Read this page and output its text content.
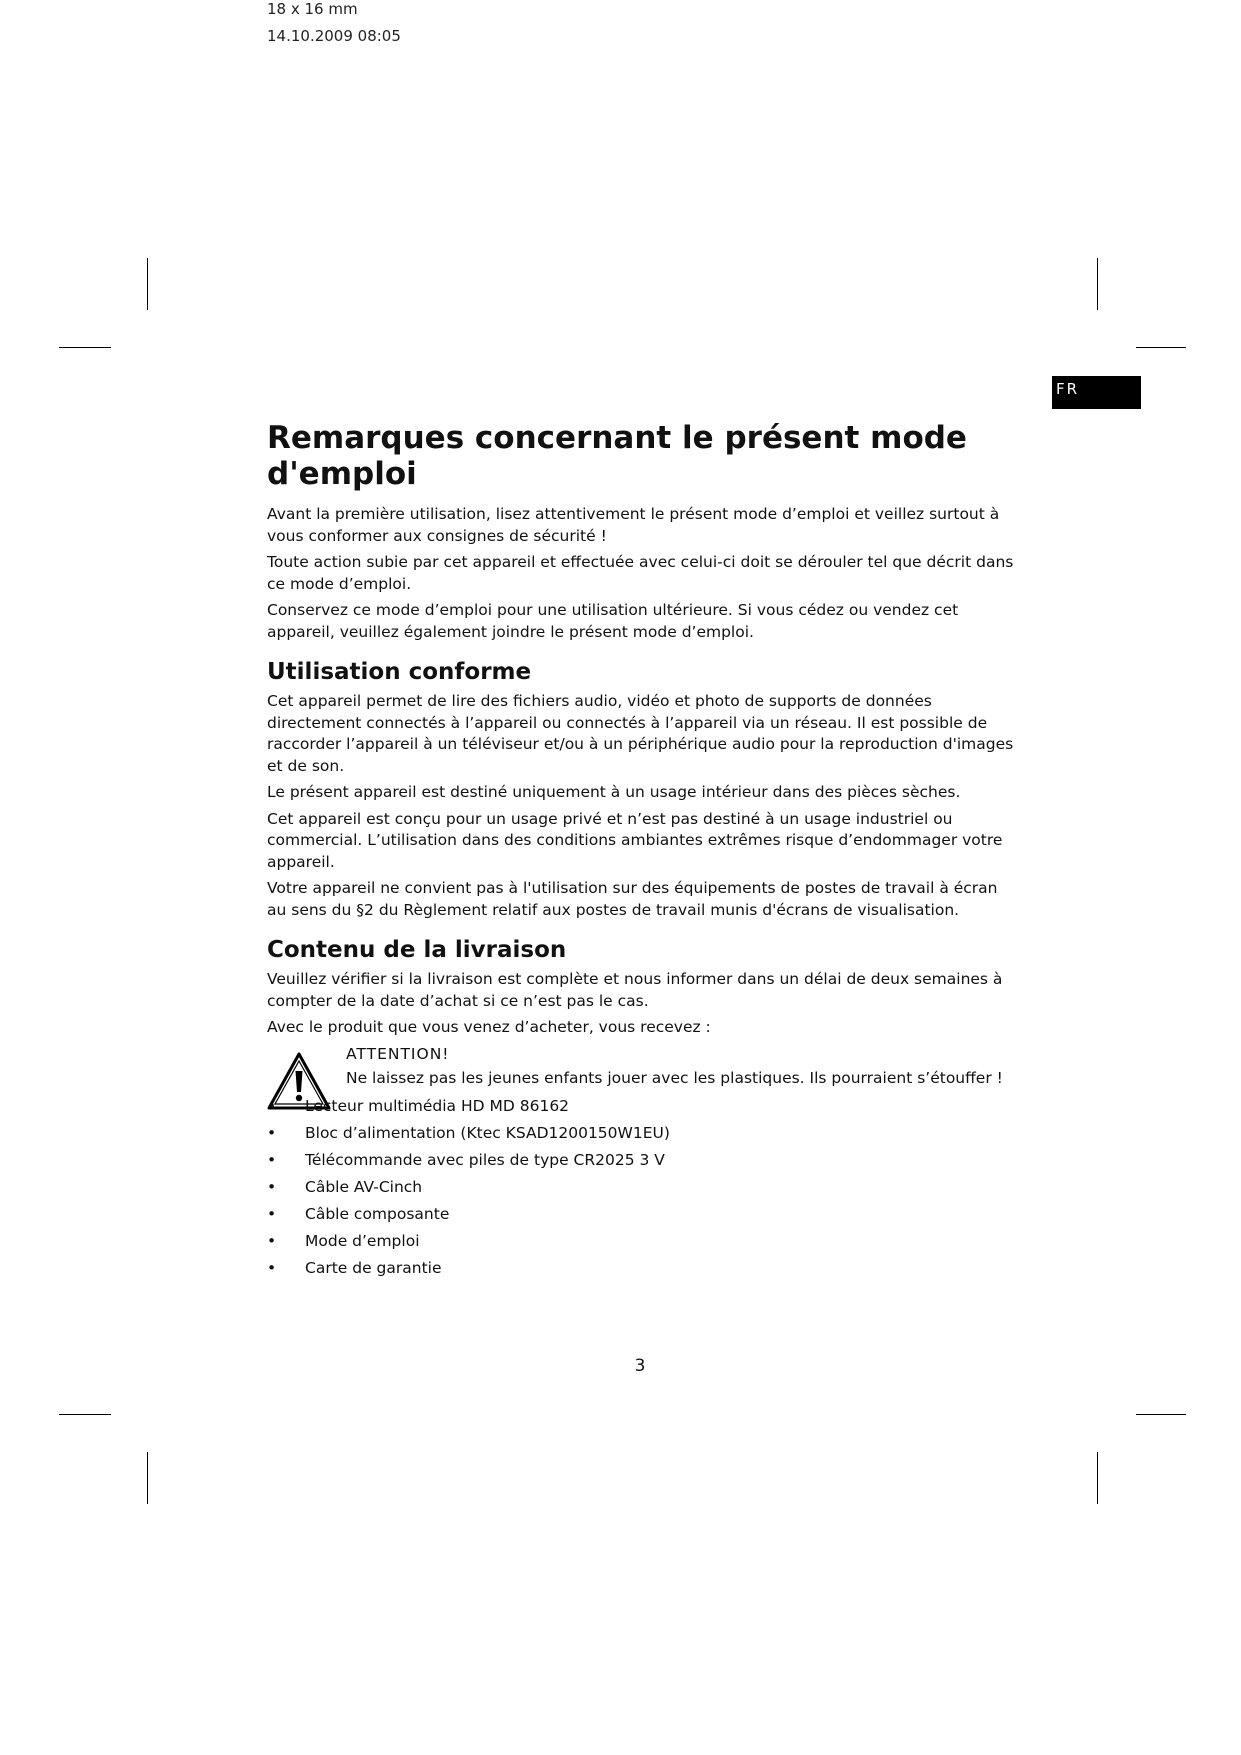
18 x 16 mm
14.10.2009 08:05
FR
Remarques concernant le présent mode d'emploi

Avant la première utilisation, lisez attentivement le présent mode d’emploi et veillez surtout à vous conformer aux consignes de sécurité !

Toute action subie par cet appareil et effectuée avec celui-ci doit se dérouler tel que décrit dans ce mode d’emploi.

Conservez ce mode d’emploi pour une utilisation ultérieure. Si vous cédez ou vendez cet appareil, veuillez également joindre le présent mode d’emploi.

Utilisation conforme

Cet appareil permet de lire des fichiers audio, vidéo et photo de supports de données directement connectés à l’appareil ou connectés à l’appareil via un réseau. Il est possible de raccorder l’appareil à un téléviseur et/ou à un périphérique audio pour la reproduction d'images et de son.

Le présent appareil est destiné uniquement à un usage intérieur dans des pièces sèches.

Cet appareil est conçu pour un usage privé et n’est pas destiné à un usage industriel ou commercial. L’utilisation dans des conditions ambiantes extrêmes risque d’endommager votre appareil.

Votre appareil ne convient pas à l'utilisation sur des équipements de postes de travail à écran au sens du §2 du Règlement relatif aux postes de travail munis d'écrans de visualisation.

Contenu de la livraison

Veuillez vérifier si la livraison est complète et nous informer dans un délai de deux semaines à compter de la date d’achat si ce n’est pas le cas.

Avec le produit que vous venez d’acheter, vous recevez :

ATTENTION!

Ne laissez pas les jeunes enfants jouer avec les plastiques. Ils pourraient s’étouffer !

• Lecteur multimédia HD MD 86162
• Bloc d’alimentation (Ktec KSAD1200150W1EU)
• Télécommande avec piles de type CR2025 3 V
• Câble AV-Cinch
• Câble composante
• Mode d’emploi
• Carte de garantie
3
